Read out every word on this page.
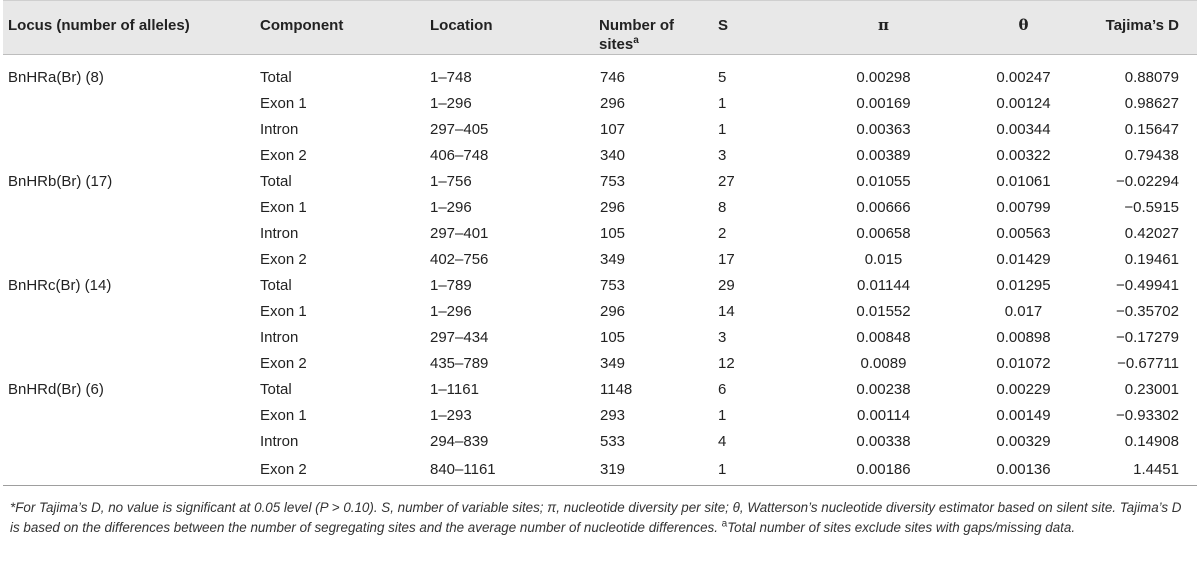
Locus (number of alleles)	Component	Location	Number of sites$^a$	S	π	θ	Tajima’s D
BnHRa(Br) (8)	Total	1–748	746	5	0.00298	0.00247	0.88079
	Exon 1	1–296	296	1	0.00169	0.00124	0.98627
	Intron	297–405	107	1	0.00363	0.00344	0.15647
	Exon 2	406–748	340	3	0.00389	0.00322	0.79438
BnHRb(Br) (17)	Total	1–756	753	27	0.01055	0.01061	−0.02294
	Exon 1	1–296	296	8	0.00666	0.00799	−0.5915
	Intron	297–401	105	2	0.00658	0.00563	0.42027
	Exon 2	402–756	349	17	0.015	0.01429	0.19461
BnHRc(Br) (14)	Total	1–789	753	29	0.01144	0.01295	−0.49941
	Exon 1	1–296	296	14	0.01552	0.017	−0.35702
	Intron	297–434	105	3	0.00848	0.00898	−0.17279
	Exon 2	435–789	349	12	0.0089	0.01072	−0.67711
BnHRd(Br) (6)	Total	1–1161	1148	6	0.00238	0.00229	0.23001
	Exon 1	1–293	293	1	0.00114	0.00149	−0.93302
	Intron	294–839	533	4	0.00338	0.00329	0.14908
	Exon 2	840–1161	319	1	0.00186	0.00136	1.4451
*For Tajima’s D, no value is significant at 0.05 level (P > 0.10). S, number of variable sites; π, nucleotide diversity per site; θ, Watterson’s nucleotide diversity estimator based on silent site. Tajima’s D is based on the differences between the number of segregating sites and the average number of nucleotide differences. $^a$Total number of sites exclude sites with gaps/missing data.
